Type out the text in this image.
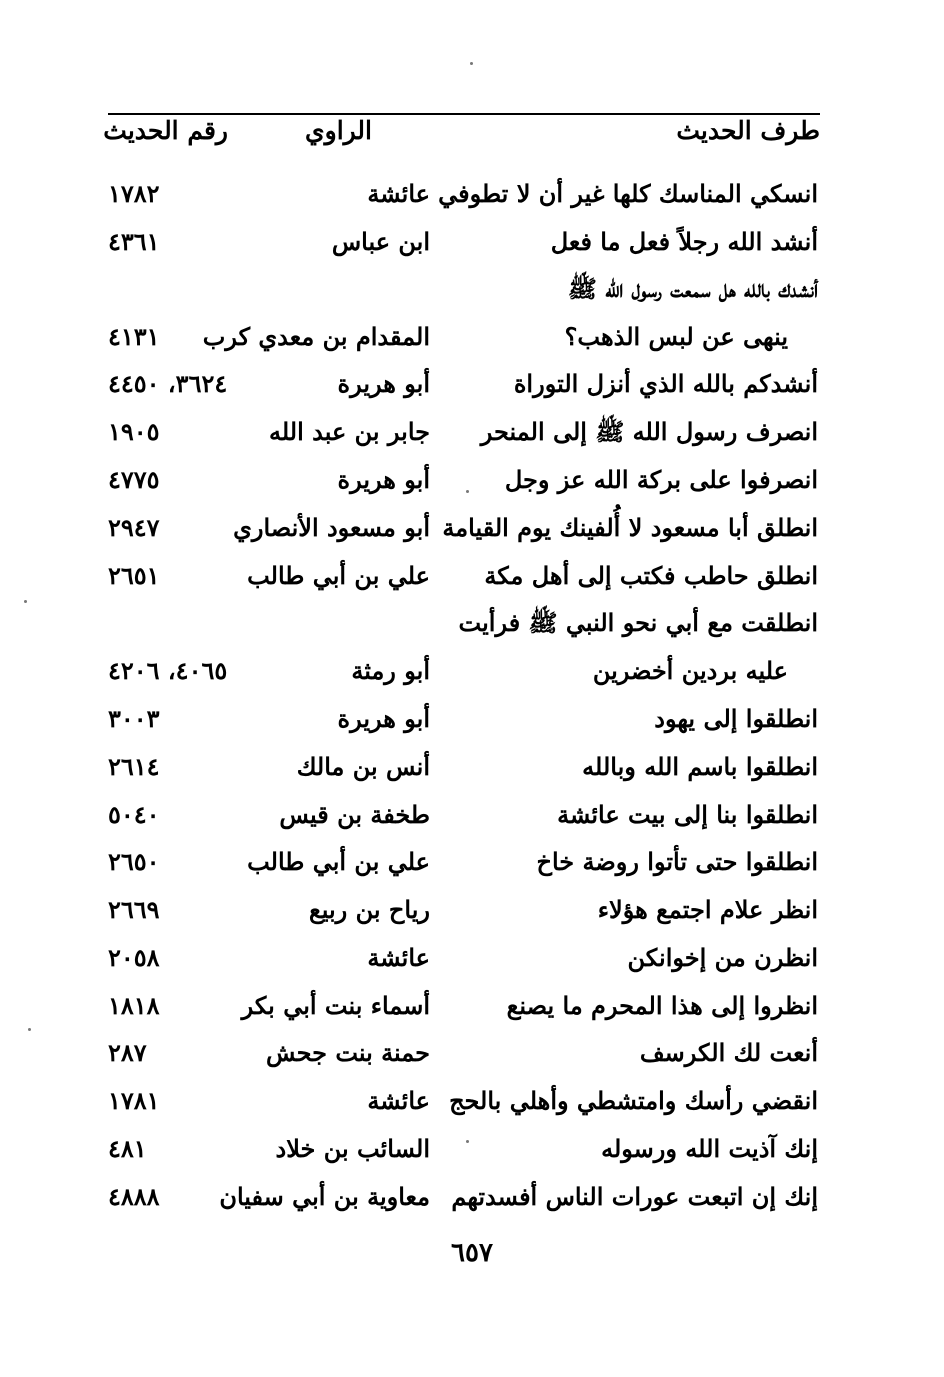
طرف الحديث
الراوي
رقم الحديث
انسكي المناسك كلها غير أن لا تطوفي
عائشة
١٧٨٢
أنشد الله رجلاً فعل ما فعل
ابن عباس
٤٣٦١
أنشدك بالله هل سمعت رسول الله ﷺ
ينهى عن لبس الذهب؟
المقدام بن معدي كرب
٤١٣١
أنشدكم بالله الذي أنزل التوراة
أبو هريرة
٣٦٢٤، ٤٤٥٠
انصرف رسول الله ﷺ إلى المنحر
جابر بن عبد الله
١٩٠٥
انصرفوا على بركة الله عز وجل
أبو هريرة
٤٧٧٥
انطلق أبا مسعود لا أُلفينك يوم القيامة
أبو مسعود الأنصاري
٢٩٤٧
انطلق حاطب فكتب إلى أهل مكة
علي بن أبي طالب
٢٦٥١
انطلقت مع أبي نحو النبي ﷺ فرأيت
عليه بردين أخضرين
أبو رمثة
٤٠٦٥، ٤٢٠٦
انطلقوا إلى يهود
أبو هريرة
٣٠٠٣
انطلقوا باسم الله وبالله
أنس بن مالك
٢٦١٤
انطلقوا بنا إلى بيت عائشة
طخفة بن قيس
٥٠٤٠
انطلقوا حتى تأتوا روضة خاخ
علي بن أبي طالب
٢٦٥٠
انظر علام اجتمع هؤلاء
رياح بن ربيع
٢٦٦٩
انظرن من إخوانكن
عائشة
٢٠٥٨
انظروا إلى هذا المحرم ما يصنع
أسماء بنت أبي بكر
١٨١٨
أنعت لك الكرسف
حمنة بنت جحش
٢٨٧
انقضي رأسك وامتشطي وأهلي بالحج
عائشة
١٧٨١
إنك آذيت الله ورسوله
السائب بن خلاد
٤٨١
إنك إن اتبعت عورات الناس أفسدتهم
معاوية بن أبي سفيان
٤٨٨٨
٦٥٧
